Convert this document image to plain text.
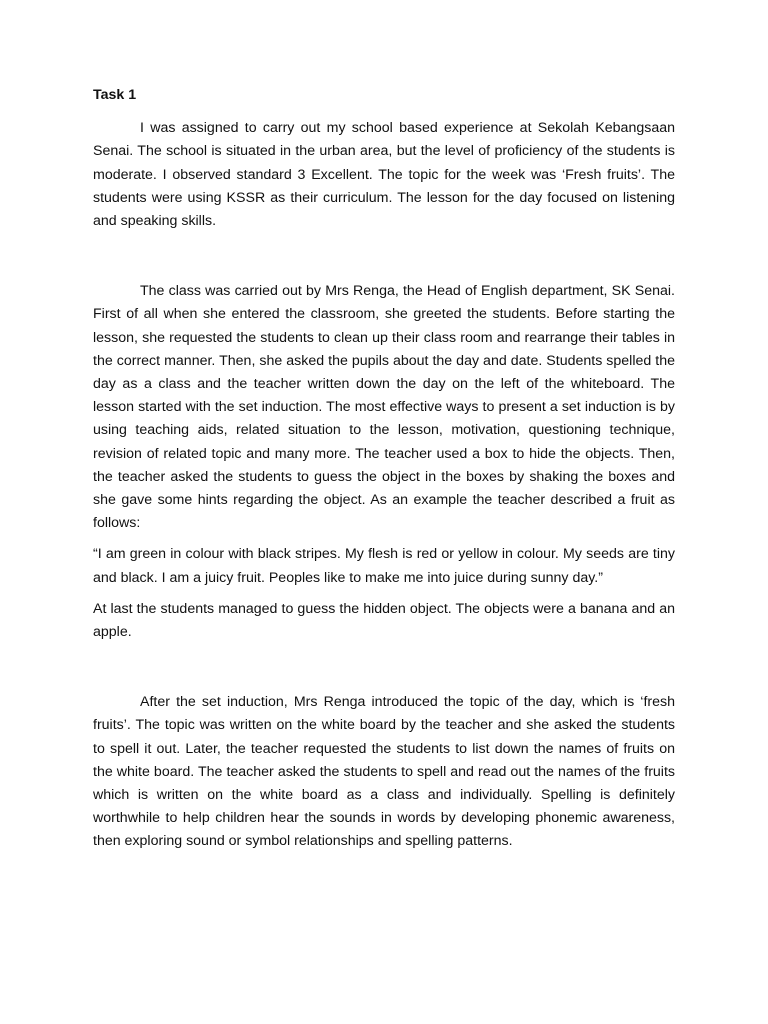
Task 1

I was assigned to carry out my school based experience at Sekolah Kebangsaan Senai. The school is situated in the urban area, but the level of proficiency of the students is moderate. I observed standard 3 Excellent. The topic for the week was ‘Fresh fruits’. The students were using KSSR as their curriculum. The lesson for the day focused on listening and speaking skills.

The class was carried out by Mrs Renga, the Head of English department, SK Senai. First of all when she entered the classroom, she greeted the students. Before starting the lesson, she requested the students to clean up their class room and rearrange their tables in the correct manner. Then, she asked the pupils about the day and date. Students spelled the day as a class and the teacher written down the day on the left of the whiteboard. The lesson started with the set induction. The most effective ways to present a set induction is by using teaching aids, related situation to the lesson, motivation, questioning technique, revision of related topic and many more. The teacher used a box to hide the objects. Then, the teacher asked the students to guess the object in the boxes by shaking the boxes and she gave some hints regarding the object. As an example the teacher described a fruit as follows:

“I am green in colour with black stripes. My flesh is red or yellow in colour. My seeds are tiny and black. I am a juicy fruit. Peoples like to make me into juice during sunny day.”

At last the students managed to guess the hidden object. The objects were a banana and an apple.

After the set induction, Mrs Renga introduced the topic of the day, which is ‘fresh fruits’. The topic was written on the white board by the teacher and she asked the students to spell it out. Later, the teacher requested the students to list down the names of fruits on the white board. The teacher asked the students to spell and read out the names of the fruits which is written on the white board as a class and individually. Spelling is definitely worthwhile to help children hear the sounds in words by developing phonemic awareness, then exploring sound or symbol relationships and spelling patterns.
